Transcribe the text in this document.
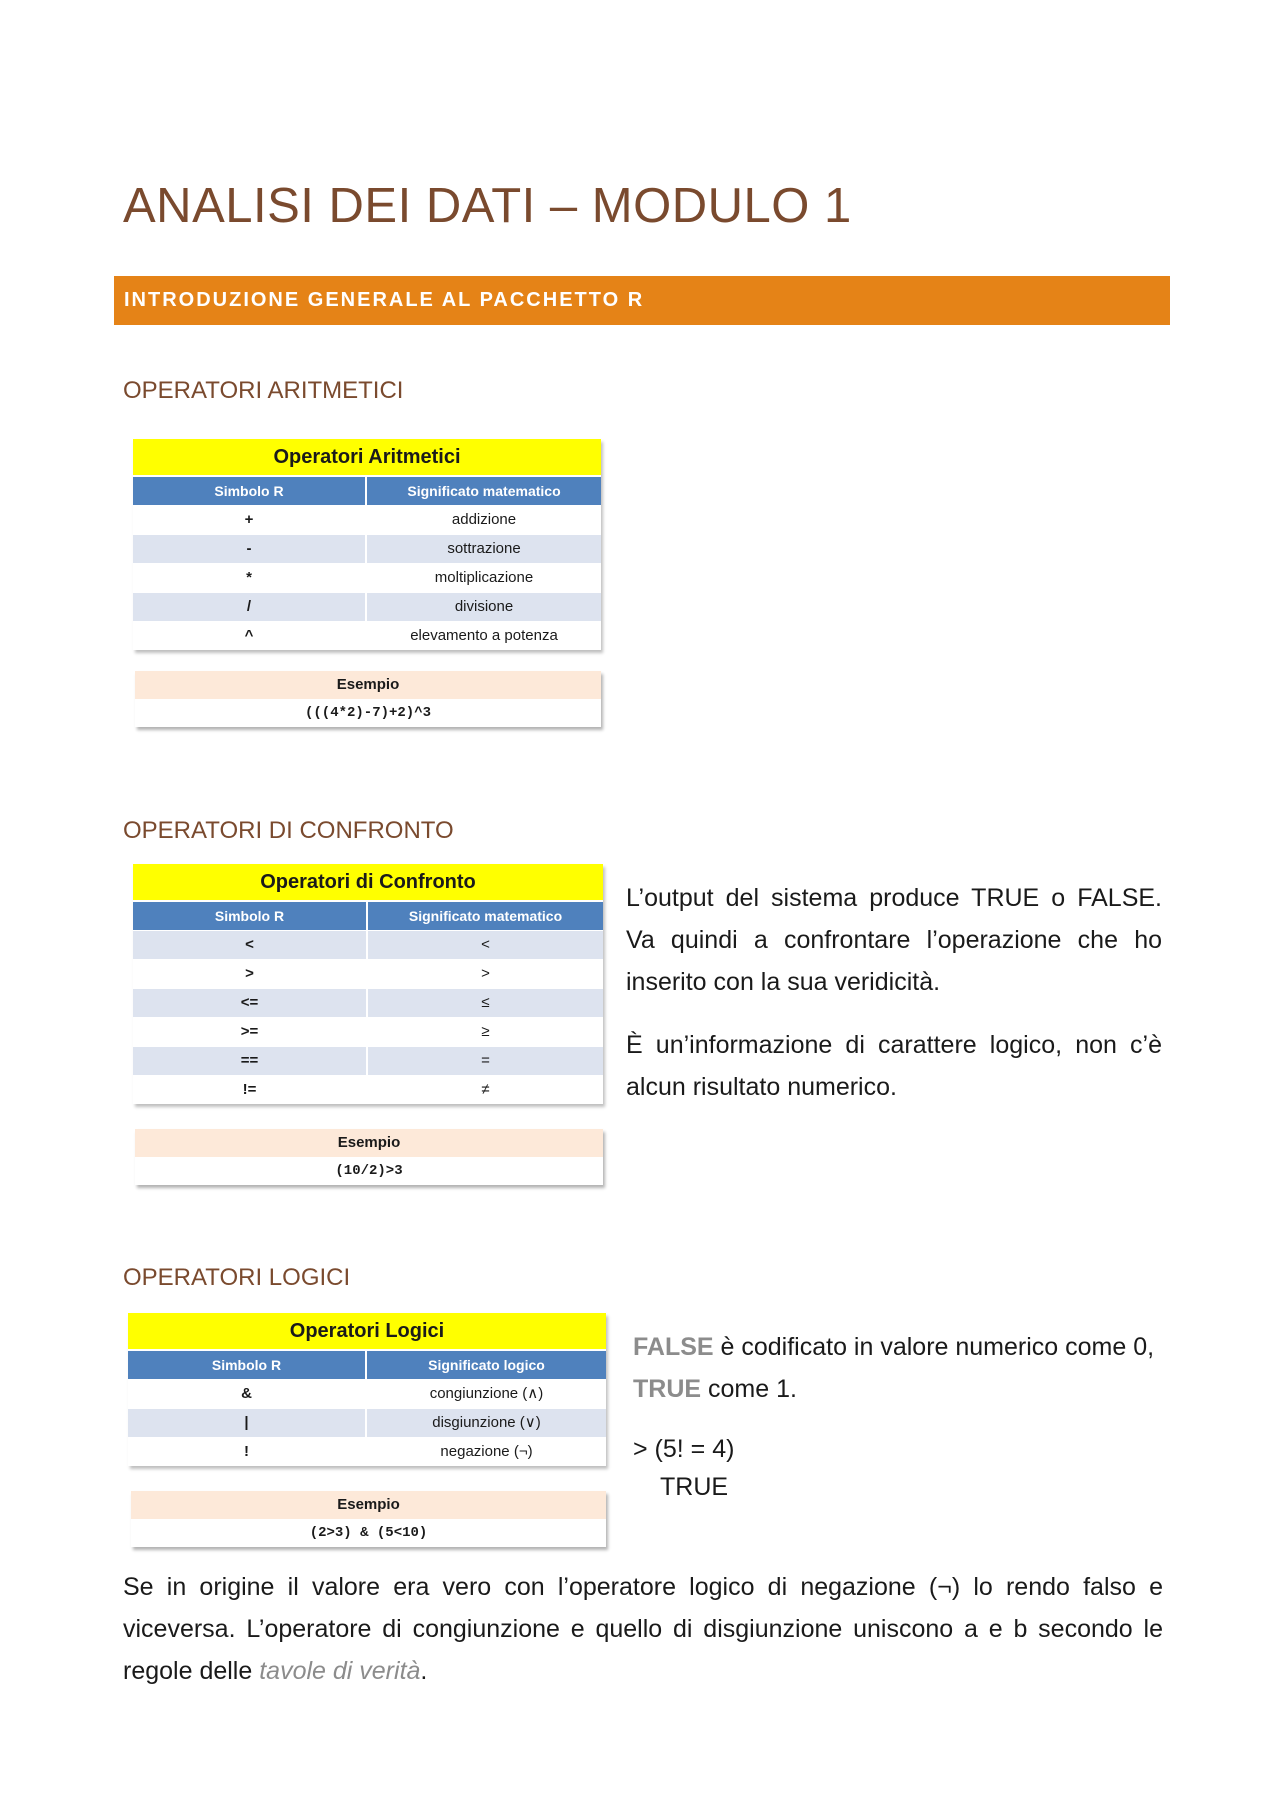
ANALISI DEI DATI – MODULO 1
INTRODUZIONE GENERALE AL PACCHETTO R
OPERATORI ARITMETICI
Operatori Aritmetici
Simbolo R	Significato matematico
+	addizione
-	sottrazione
*	moltiplicazione
/	divisione
^	elevamento a potenza
Esempio
(((4*2)-7)+2)^3
OPERATORI DI CONFRONTO
Operatori di Confronto
Simbolo R	Significato matematico
<	<
>	>
<=	≤
>=	≥
==	=
!=	≠
Esempio
(10/2)>3
L’output del sistema produce TRUE o FALSE. Va quindi a confrontare l’operazione che ho inserito con la sua veridicità.
È un’informazione di carattere logico, non c’è alcun risultato numerico.
OPERATORI LOGICI
Operatori Logici
Simbolo R	Significato logico
&	congiunzione (∧)
|	disgiunzione (∨)
!	negazione (¬)
Esempio
(2>3) & (5<10)
FALSE è codificato in valore numerico come 0, TRUE come 1.
> (5! = 4)
TRUE
Se in origine il valore era vero con l’operatore logico di negazione (¬) lo rendo falso e viceversa. L’operatore di congiunzione e quello di disgiunzione uniscono a e b secondo le regole delle tavole di verità.
